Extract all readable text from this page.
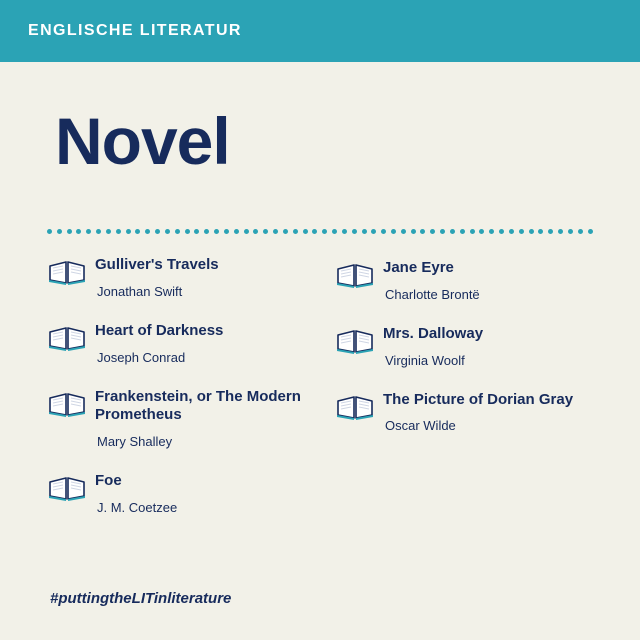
ENGLISCHE LITERATUR
Novel

Gulliver's Travels

Jonathan Swift

Heart of Darkness

Joseph Conrad

Frankenstein, or The Modern Prometheus

Mary Shalley

Foe

J. M. Coetzee

Jane Eyre

Charlotte Brontë

Mrs. Dalloway

Virginia Woolf

The Picture of Dorian Gray

Oscar Wilde

#puttingtheLITinliterature
